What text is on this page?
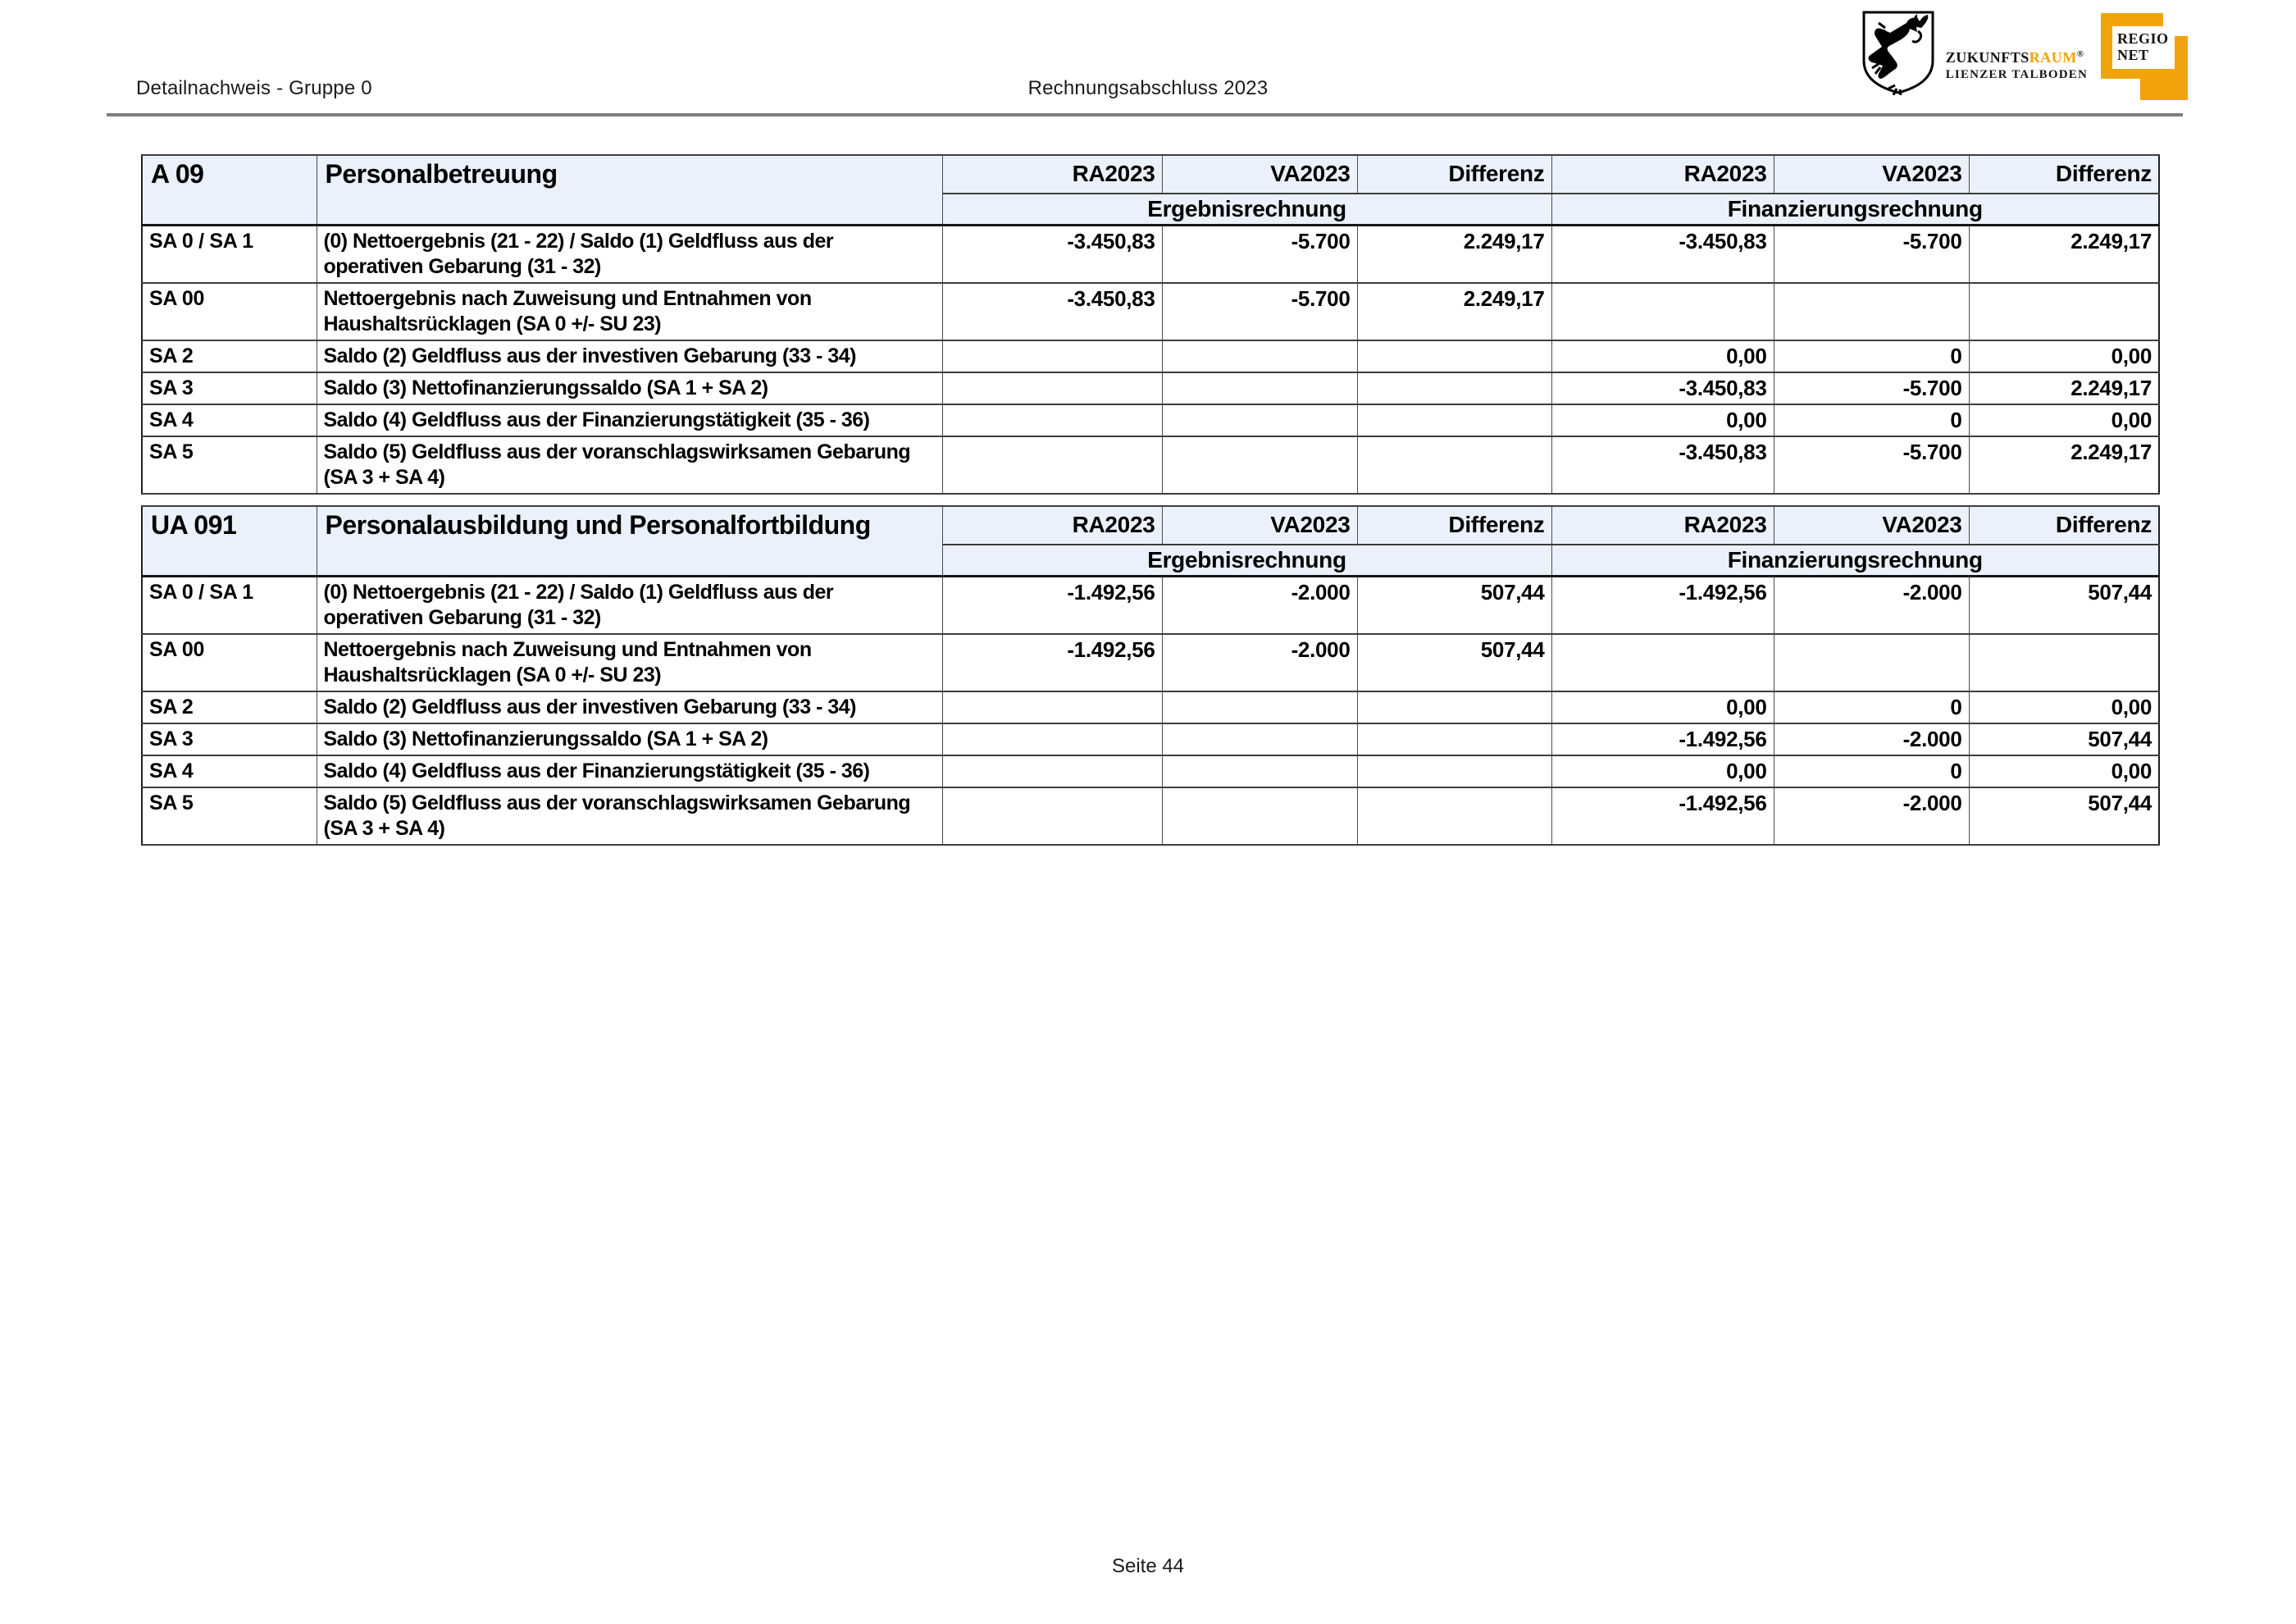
Detailnachweis - Gruppe 0	Rechnungsabschluss 2023
ZUKUNFTSRAUM®
LIENZER TALBODEN
REGIO
NET
A 09	Personalbetreuung	RA2023	VA2023	Differenz	RA2023	VA2023	Differenz
		Ergebnisrechnung			Finanzierungsrechnung		
SA 0 / SA 1	(0) Nettoergebnis (21 - 22) / Saldo (1) Geldfluss aus der operativen Gebarung (31 - 32)	-3.450,83	-5.700	2.249,17	-3.450,83	-5.700	2.249,17
SA 00	Nettoergebnis nach Zuweisung und Entnahmen von Haushaltsrücklagen (SA 0 +/- SU 23)	-3.450,83	-5.700	2.249,17			
SA 2	Saldo (2) Geldfluss aus der investiven Gebarung (33 - 34)				0,00	0	0,00
SA 3	Saldo (3) Nettofinanzierungssaldo (SA 1 + SA 2)				-3.450,83	-5.700	2.249,17
SA 4	Saldo (4) Geldfluss aus der Finanzierungstätigkeit (35 - 36)				0,00	0	0,00
SA 5	Saldo (5) Geldfluss aus der voranschlagswirksamen Gebarung (SA 3 + SA 4)				-3.450,83	-5.700	2.249,17
UA 091	Personalausbildung und Personalfortbildung	RA2023	VA2023	Differenz	RA2023	VA2023	Differenz
		Ergebnisrechnung			Finanzierungsrechnung		
SA 0 / SA 1	(0) Nettoergebnis (21 - 22) / Saldo (1) Geldfluss aus der operativen Gebarung (31 - 32)	-1.492,56	-2.000	507,44	-1.492,56	-2.000	507,44
SA 00	Nettoergebnis nach Zuweisung und Entnahmen von Haushaltsrücklagen (SA 0 +/- SU 23)	-1.492,56	-2.000	507,44			
SA 2	Saldo (2) Geldfluss aus der investiven Gebarung (33 - 34)				0,00	0	0,00
SA 3	Saldo (3) Nettofinanzierungssaldo (SA 1 + SA 2)				-1.492,56	-2.000	507,44
SA 4	Saldo (4) Geldfluss aus der Finanzierungstätigkeit (35 - 36)				0,00	0	0,00
SA 5	Saldo (5) Geldfluss aus der voranschlagswirksamen Gebarung (SA 3 + SA 4)				-1.492,56	-2.000	507,44
Seite 44
